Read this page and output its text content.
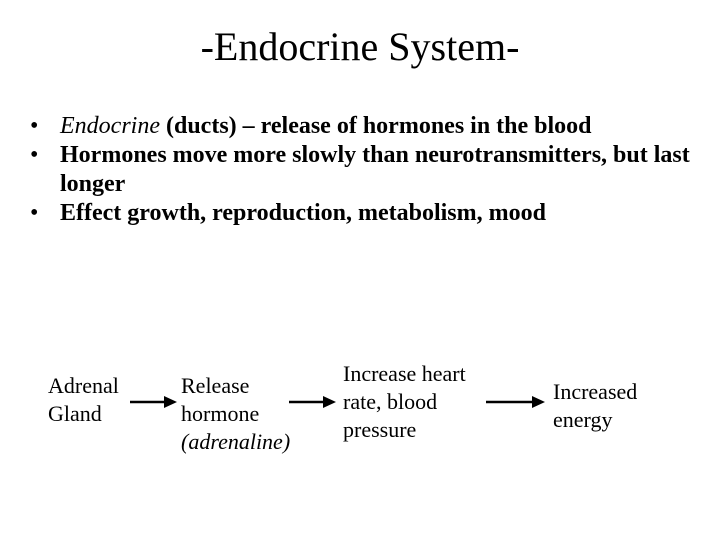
-Endocrine System-
• Endocrine (ducts) – release of hormones in the blood
• Hormones move more slowly than neurotransmitters, but last longer
• Effect growth, reproduction, metabolism, mood
Adrenal
Gland
Release
hormone
(adrenaline)
Increase heart
rate, blood
pressure
Increased
energy
